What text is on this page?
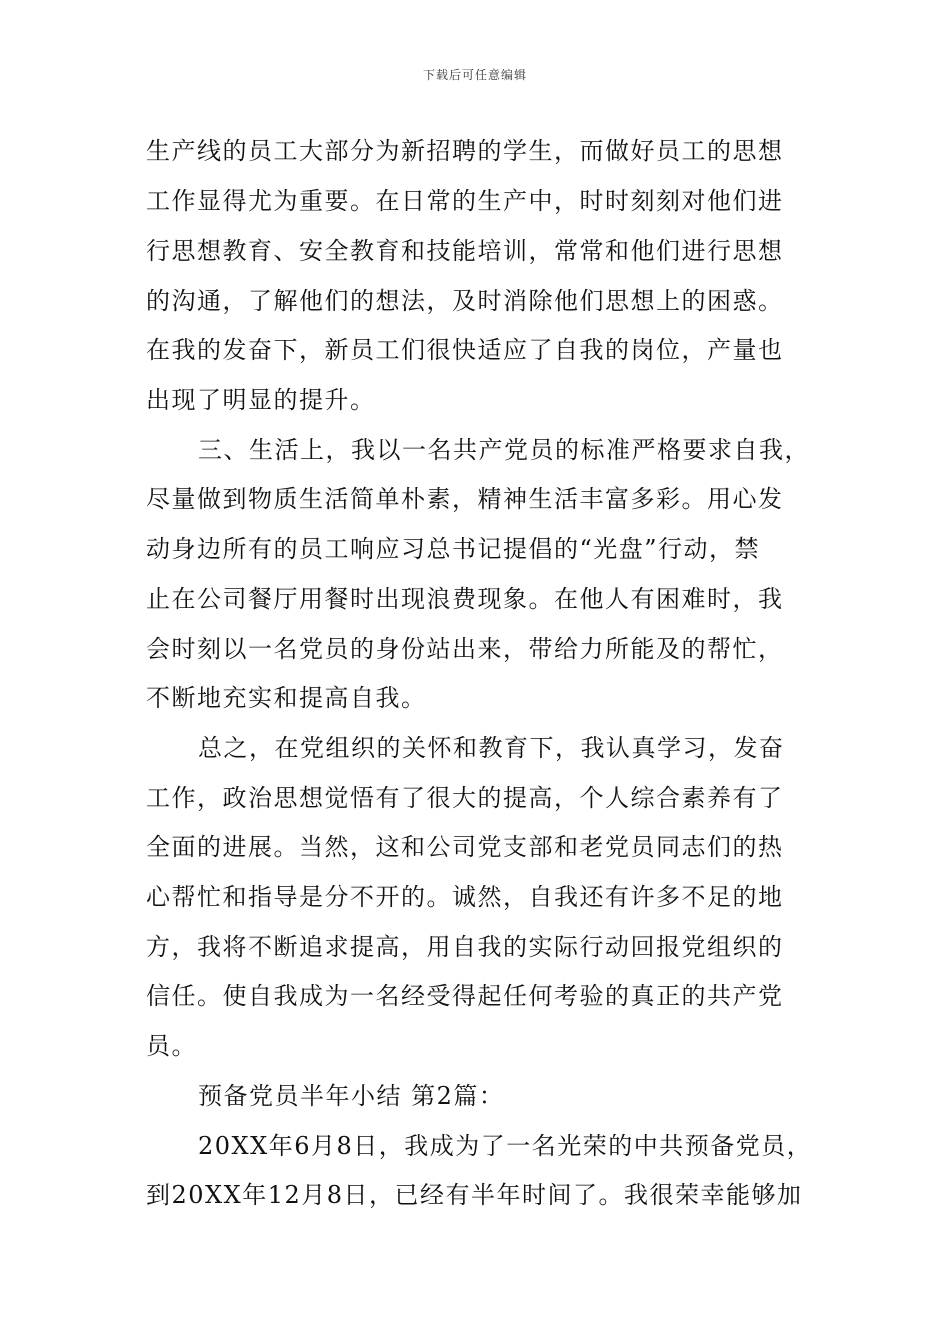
下载后可任意编辑
生产线的员工大部分为新招聘的学生，而做好员工的思想
工作显得尤为重要。在日常的生产中，时时刻刻对他们进
行思想教育、安全教育和技能培训，常常和他们进行思想
的沟通，了解他们的想法，及时消除他们思想上的困惑。
在我的发奋下，新员工们很快适应了自我的岗位，产量也
出现了明显的提升。
三、生活上，我以一名共产党员的标准严格要求自我，
尽量做到物质生活简单朴素，精神生活丰富多彩。用心发
动身边所有的员工响应习总书记提倡的“光盘”行动，禁
止在公司餐厅用餐时出现浪费现象。在他人有困难时，我
会时刻以一名党员的身份站出来，带给力所能及的帮忙，
不断地充实和提高自我。
总之，在党组织的关怀和教育下，我认真学习，发奋
工作，政治思想觉悟有了很大的提高，个人综合素养有了
全面的进展。当然，这和公司党支部和老党员同志们的热
心帮忙和指导是分不开的。诚然，自我还有许多不足的地
方，我将不断追求提高，用自我的实际行动回报党组织的
信任。使自我成为一名经受得起任何考验的真正的共产党
员。
预备党员半年小结 第2篇：
20XX年6月8日，我成为了一名光荣的中共预备党员，
到20XX年12月8日，已经有半年时间了。我很荣幸能够加
